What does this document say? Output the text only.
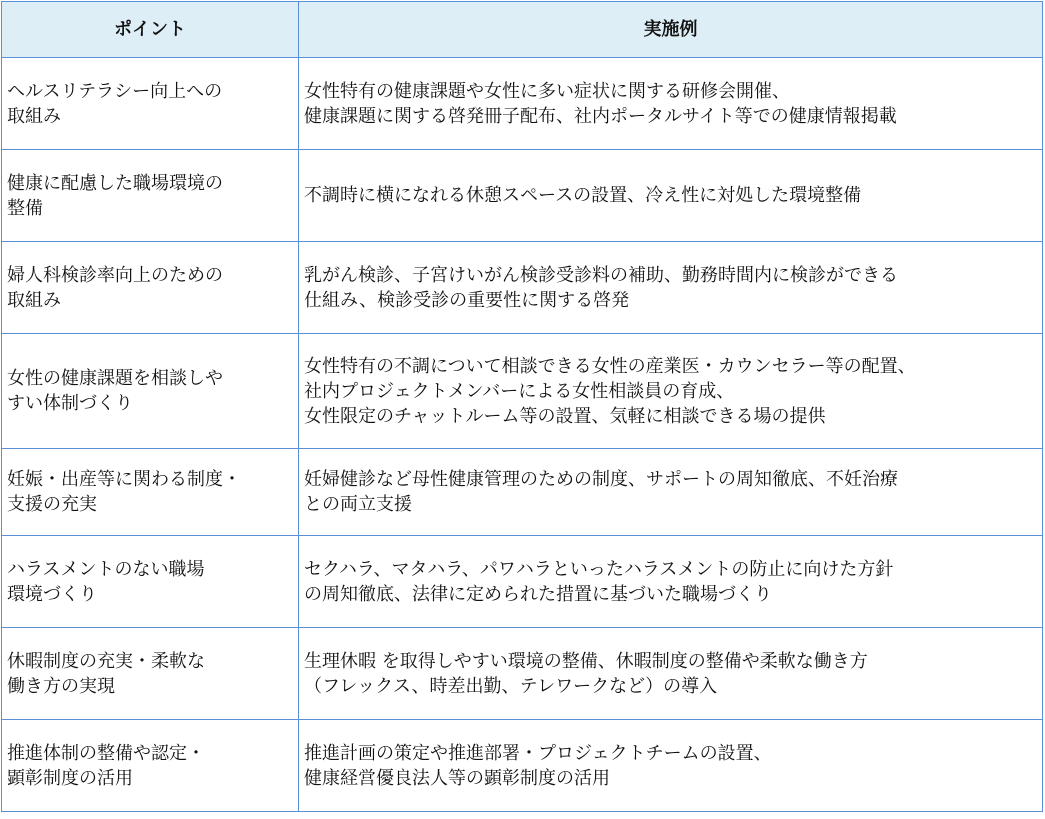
ポイント	実施例

ヘルスリテラシー向上への
取組み	女性特有の健康課題や女性に多い症状に関する研修会開催、
健康課題に関する啓発冊子配布、社内ポータルサイト等での健康情報掲載

健康に配慮した職場環境の
整備	不調時に横になれる休憩スペースの設置、冷え性に対処した環境整備

婦人科検診率向上のための
取組み	乳がん検診、子宮けいがん検診受診料の補助、勤務時間内に検診ができる
仕組み、検診受診の重要性に関する啓発

女性の健康課題を相談しや
すい体制づくり	女性特有の不調について相談できる女性の産業医・カウンセラー等の配置、
社内プロジェクトメンバーによる女性相談員の育成、
女性限定のチャットルーム等の設置、気軽に相談できる場の提供

妊娠・出産等に関わる制度・
支援の充実	妊婦健診など母性健康管理のための制度、サポートの周知徹底、不妊治療
との両立支援

ハラスメントのない職場
環境づくり	セクハラ、マタハラ、パワハラといったハラスメントの防止に向けた方針
の周知徹底、法律に定められた措置に基づいた職場づくり

休暇制度の充実・柔軟な
働き方の実現	生理休暇 を取得しやすい環境の整備、休暇制度の整備や柔軟な働き方
（フレックス、時差出勤、テレワークなど）の導入

推進体制の整備や認定・
顕彰制度の活用	推進計画の策定や推進部署・プロジェクトチームの設置、
健康経営優良法人等の顕彰制度の活用
